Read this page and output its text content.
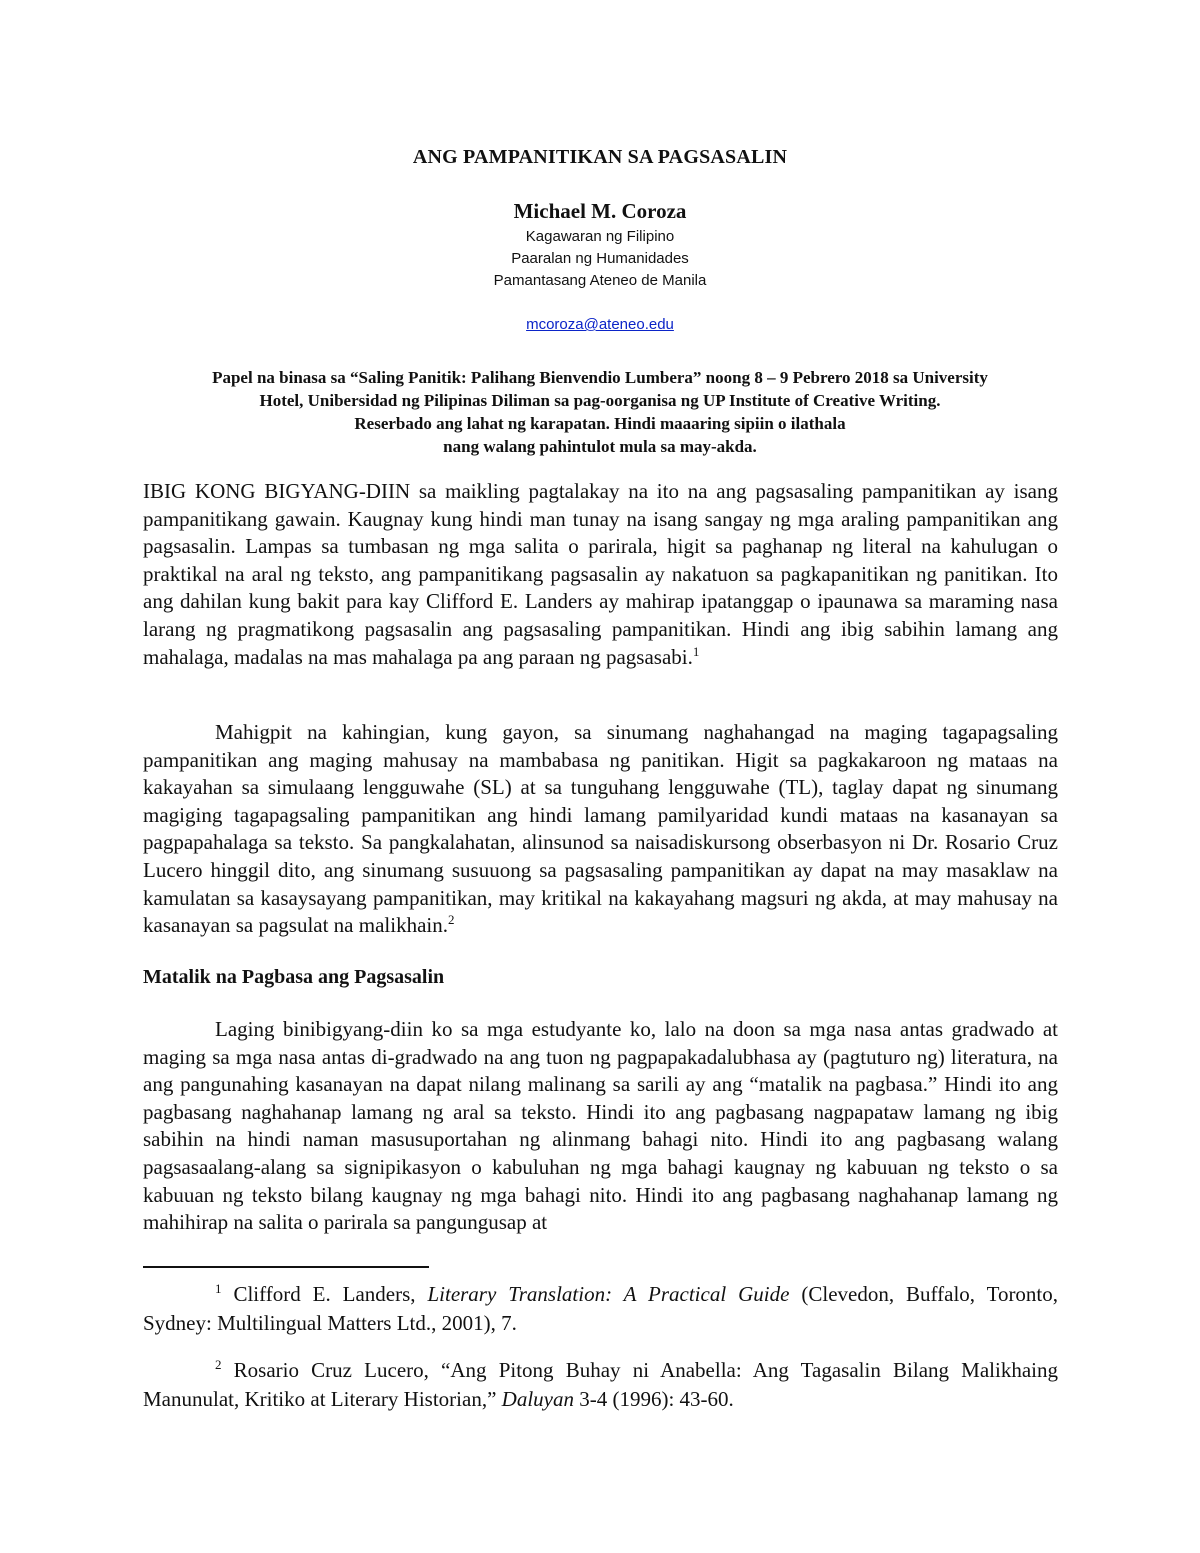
ANG PAMPANITIKAN SA PAGSASALIN
Michael M. Coroza
Kagawaran ng Filipino
Paaralan ng Humanidades
Pamantasang Ateneo de Manila
mcoroza@ateneo.edu
Papel na binasa sa “Saling Panitik: Palihang Bienvendio Lumbera” noong 8 – 9 Pebrero 2018 sa University
Hotel, Unibersidad ng Pilipinas Diliman sa pag-oorganisa ng UP Institute of Creative Writing.
Reserbado ang lahat ng karapatan. Hindi maaaring sipiin o ilathala
nang walang pahintulot mula sa may-akda.
IBIG KONG BIGYANG-DIIN sa maikling pagtalakay na ito na ang pagsasaling pampanitikan ay isang pampanitikang gawain. Kaugnay kung hindi man tunay na isang sangay ng mga araling pampanitikan ang pagsasalin. Lampas sa tumbasan ng mga salita o parirala, higit sa paghanap ng literal na kahulugan o praktikal na aral ng teksto, ang pampanitikang pagsasalin ay nakatuon sa pagkapanitikan ng panitikan. Ito ang dahilan kung bakit para kay Clifford E. Landers ay mahirap ipatanggap o ipaunawa sa maraming nasa larang ng pragmatikong pagsasalin ang pagsasaling pampanitikan. Hindi ang ibig sabihin lamang ang mahalaga, madalas na mas mahalaga pa ang paraan ng pagsasabi.$^1$
Mahigpit na kahingian, kung gayon, sa sinumang naghahangad na maging tagapagsaling pampanitikan ang maging mahusay na mambabasa ng panitikan. Higit sa pagkakaroon ng mataas na kakayahan sa simulaang lengguwahe (SL) at sa tunguhang lengguwahe (TL), taglay dapat ng sinumang magiging tagapagsaling pampanitikan ang hindi lamang pamilyaridad kundi mataas na kasanayan sa pagpapahalaga sa teksto. Sa pangkalahatan, alinsunod sa naisadiskursong obserbasyon ni Dr. Rosario Cruz Lucero hinggil dito, ang sinumang susuuong sa pagsasaling pampanitikan ay dapat na may masaklaw na kamulatan sa kasaysayang pampanitikan, may kritikal na kakayahang magsuri ng akda, at may mahusay na kasanayan sa pagsulat na malikhain.$^2$
Matalik na Pagbasa ang Pagsasalin
Laging binibigyang-diin ko sa mga estudyante ko, lalo na doon sa mga nasa antas gradwado at maging sa mga nasa antas di-gradwado na ang tuon ng pagpapakadalubhasa ay (pagtuturo ng) literatura, na ang pangunahing kasanayan na dapat nilang malinang sa sarili ay ang “matalik na pagbasa.” Hindi ito ang pagbasang naghahanap lamang ng aral sa teksto. Hindi ito ang pagbasang nagpapataw lamang ng ibig sabihin na hindi naman masusuportahan ng alinmang bahagi nito. Hindi ito ang pagbasang walang pagsasaalang-alang sa signipikasyon o kabuluhan ng mga bahagi kaugnay ng kabuuan ng teksto o sa kabuuan ng teksto bilang kaugnay ng mga bahagi nito. Hindi ito ang pagbasang naghahanap lamang ng mahihirap na salita o parirala sa pangungusap at
$^1$ Clifford E. Landers, Literary Translation: A Practical Guide (Clevedon, Buffalo, Toronto, Sydney: Multilingual Matters Ltd., 2001), 7.
$^2$ Rosario Cruz Lucero, “Ang Pitong Buhay ni Anabella: Ang Tagasalin Bilang Malikhaing Manunulat, Kritiko at Literary Historian,” Daluyan 3-4 (1996): 43-60.
